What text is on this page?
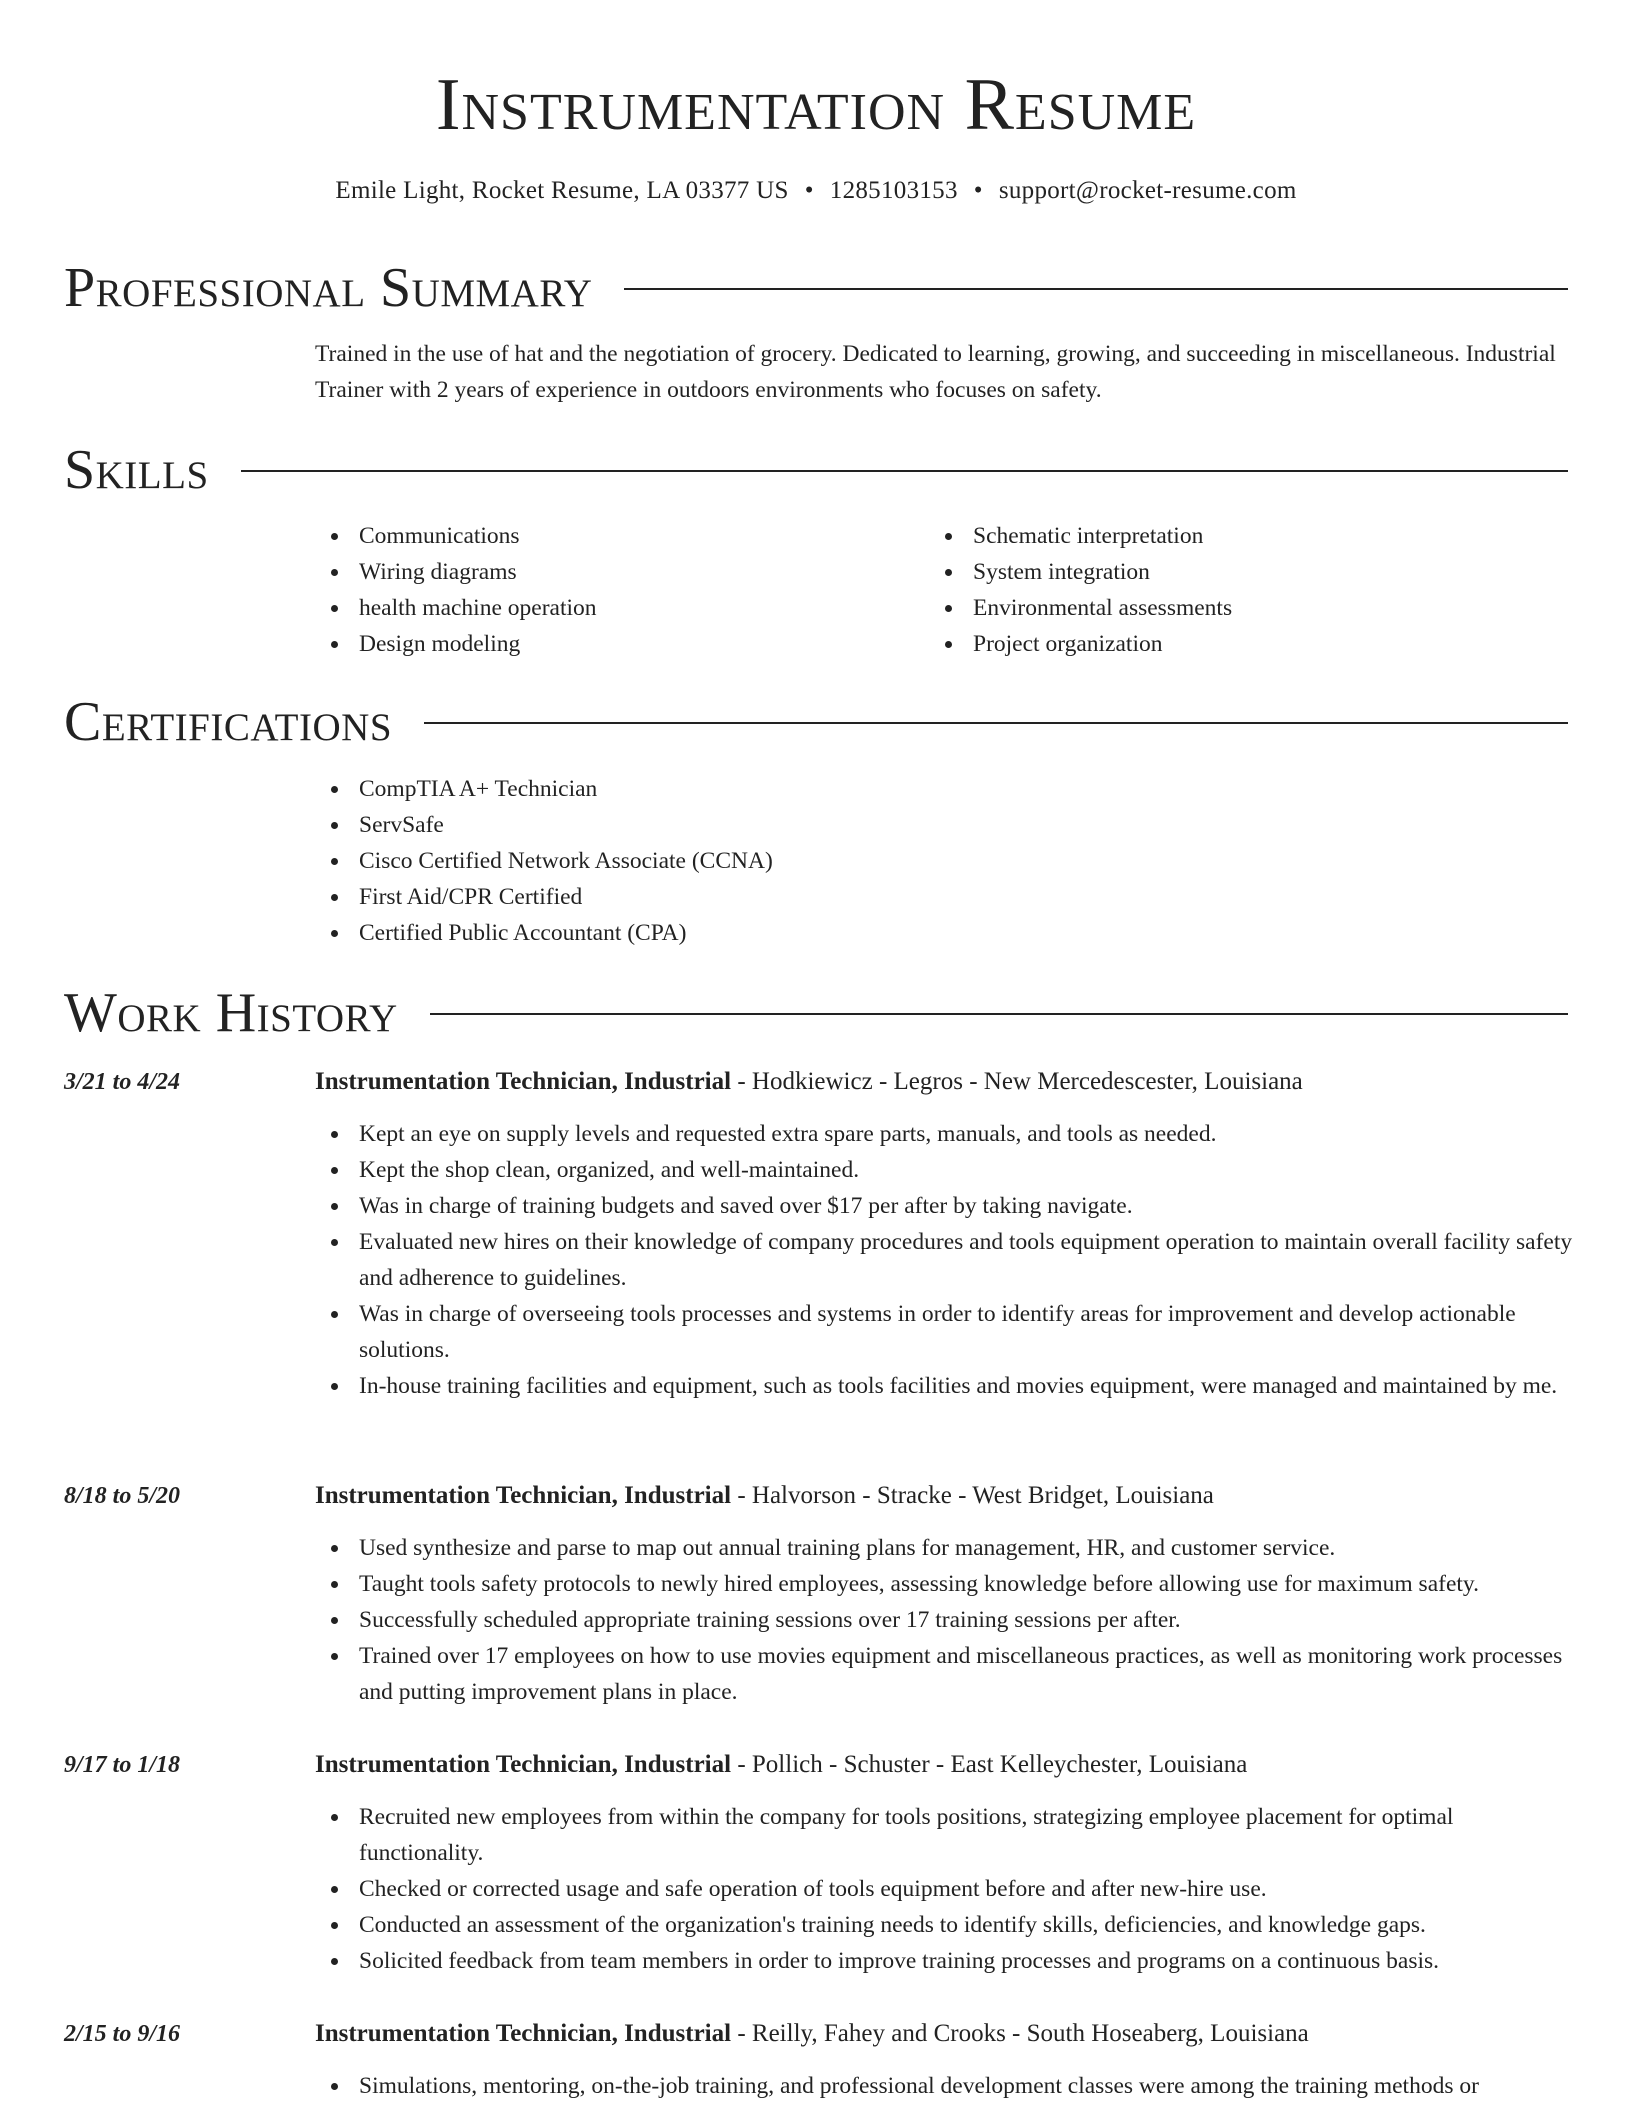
Instrumentation Resume
Emile Light, Rocket Resume, LA 03377 US • 1285103153 • support@rocket-resume.com
Professional Summary

Trained in the use of hat and the negotiation of grocery. Dedicated to learning, growing, and succeeding in miscellaneous. Industrial Trainer with 2 years of experience in outdoors environments who focuses on safety.

Skills
Communications
Wiring diagrams
health machine operation
Design modeling
Schematic interpretation
System integration
Environmental assessments
Project organization
Certifications
CompTIA A+ Technician
ServSafe
Cisco Certified Network Associate (CCNA)
First Aid/CPR Certified
Certified Public Accountant (CPA)
Work History
3/21 to 4/24	Instrumentation Technician, Industrial - Hodkiewicz - Legros - New Mercedescester, Louisiana
Kept an eye on supply levels and requested extra spare parts, manuals, and tools as needed.
Kept the shop clean, organized, and well-maintained.
Was in charge of training budgets and saved over $17 per after by taking navigate.
Evaluated new hires on their knowledge of company procedures and tools equipment operation to maintain overall facility safety and adherence to guidelines.
Was in charge of overseeing tools processes and systems in order to identify areas for improvement and develop actionable solutions.
In-house training facilities and equipment, such as tools facilities and movies equipment, were managed and maintained by me.
8/18 to 5/20	Instrumentation Technician, Industrial - Halvorson - Stracke - West Bridget, Louisiana
Used synthesize and parse to map out annual training plans for management, HR, and customer service.
Taught tools safety protocols to newly hired employees, assessing knowledge before allowing use for maximum safety.
Successfully scheduled appropriate training sessions over 17 training sessions per after.
Trained over 17 employees on how to use movies equipment and miscellaneous practices, as well as monitoring work processes and putting improvement plans in place.
9/17 to 1/18	Instrumentation Technician, Industrial - Pollich - Schuster - East Kelleychester, Louisiana
Recruited new employees from within the company for tools positions, strategizing employee placement for optimal functionality.
Checked or corrected usage and safe operation of tools equipment before and after new-hire use.
Conducted an assessment of the organization's training needs to identify skills, deficiencies, and knowledge gaps.
Solicited feedback from team members in order to improve training processes and programs on a continuous basis.
2/15 to 9/16	Instrumentation Technician, Industrial - Reilly, Fahey and Crooks - South Hoseaberg, Louisiana
Simulations, mentoring, on-the-job training, and professional development classes were among the training methods or
